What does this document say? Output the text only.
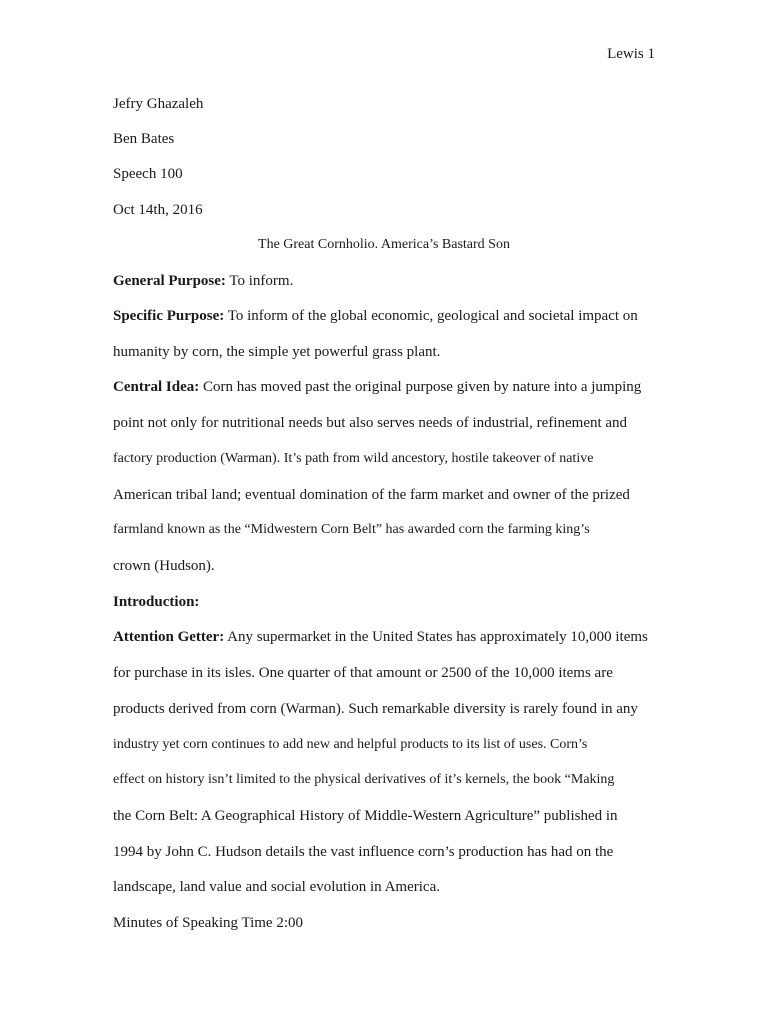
Lewis 1
Jefry Ghazaleh
Ben Bates
Speech 100
Oct 14th, 2016
The Great Cornholio. America’s Bastard Son
General Purpose: To inform.
Specific Purpose: To inform of the global economic, geological and societal impact on
humanity by corn, the simple yet powerful grass plant.
Central Idea: Corn has moved past the original purpose given by nature into a jumping
point not only for nutritional needs but also serves needs of industrial, refinement and
factory production (Warman). It’s path from wild ancestory, hostile takeover of native
American tribal land; eventual domination of the farm market and owner of the prized
farmland known as the “Midwestern Corn Belt” has awarded corn the farming king’s
crown (Hudson).
Introduction:
Attention Getter: Any supermarket in the United States has approximately 10,000 items
for purchase in its isles. One quarter of that amount or 2500 of the 10,000 items are
products derived from corn (Warman). Such remarkable diversity is rarely found in any
industry yet corn continues to add new and helpful products to its list of uses. Corn’s
effect on history isn’t limited to the physical derivatives of it’s kernels, the book “Making
the Corn Belt: A Geographical History of Middle-Western Agriculture” published in
1994 by John C. Hudson details the vast influence corn’s production has had on the
landscape, land value and social evolution in America.
Minutes of Speaking Time 2:00
